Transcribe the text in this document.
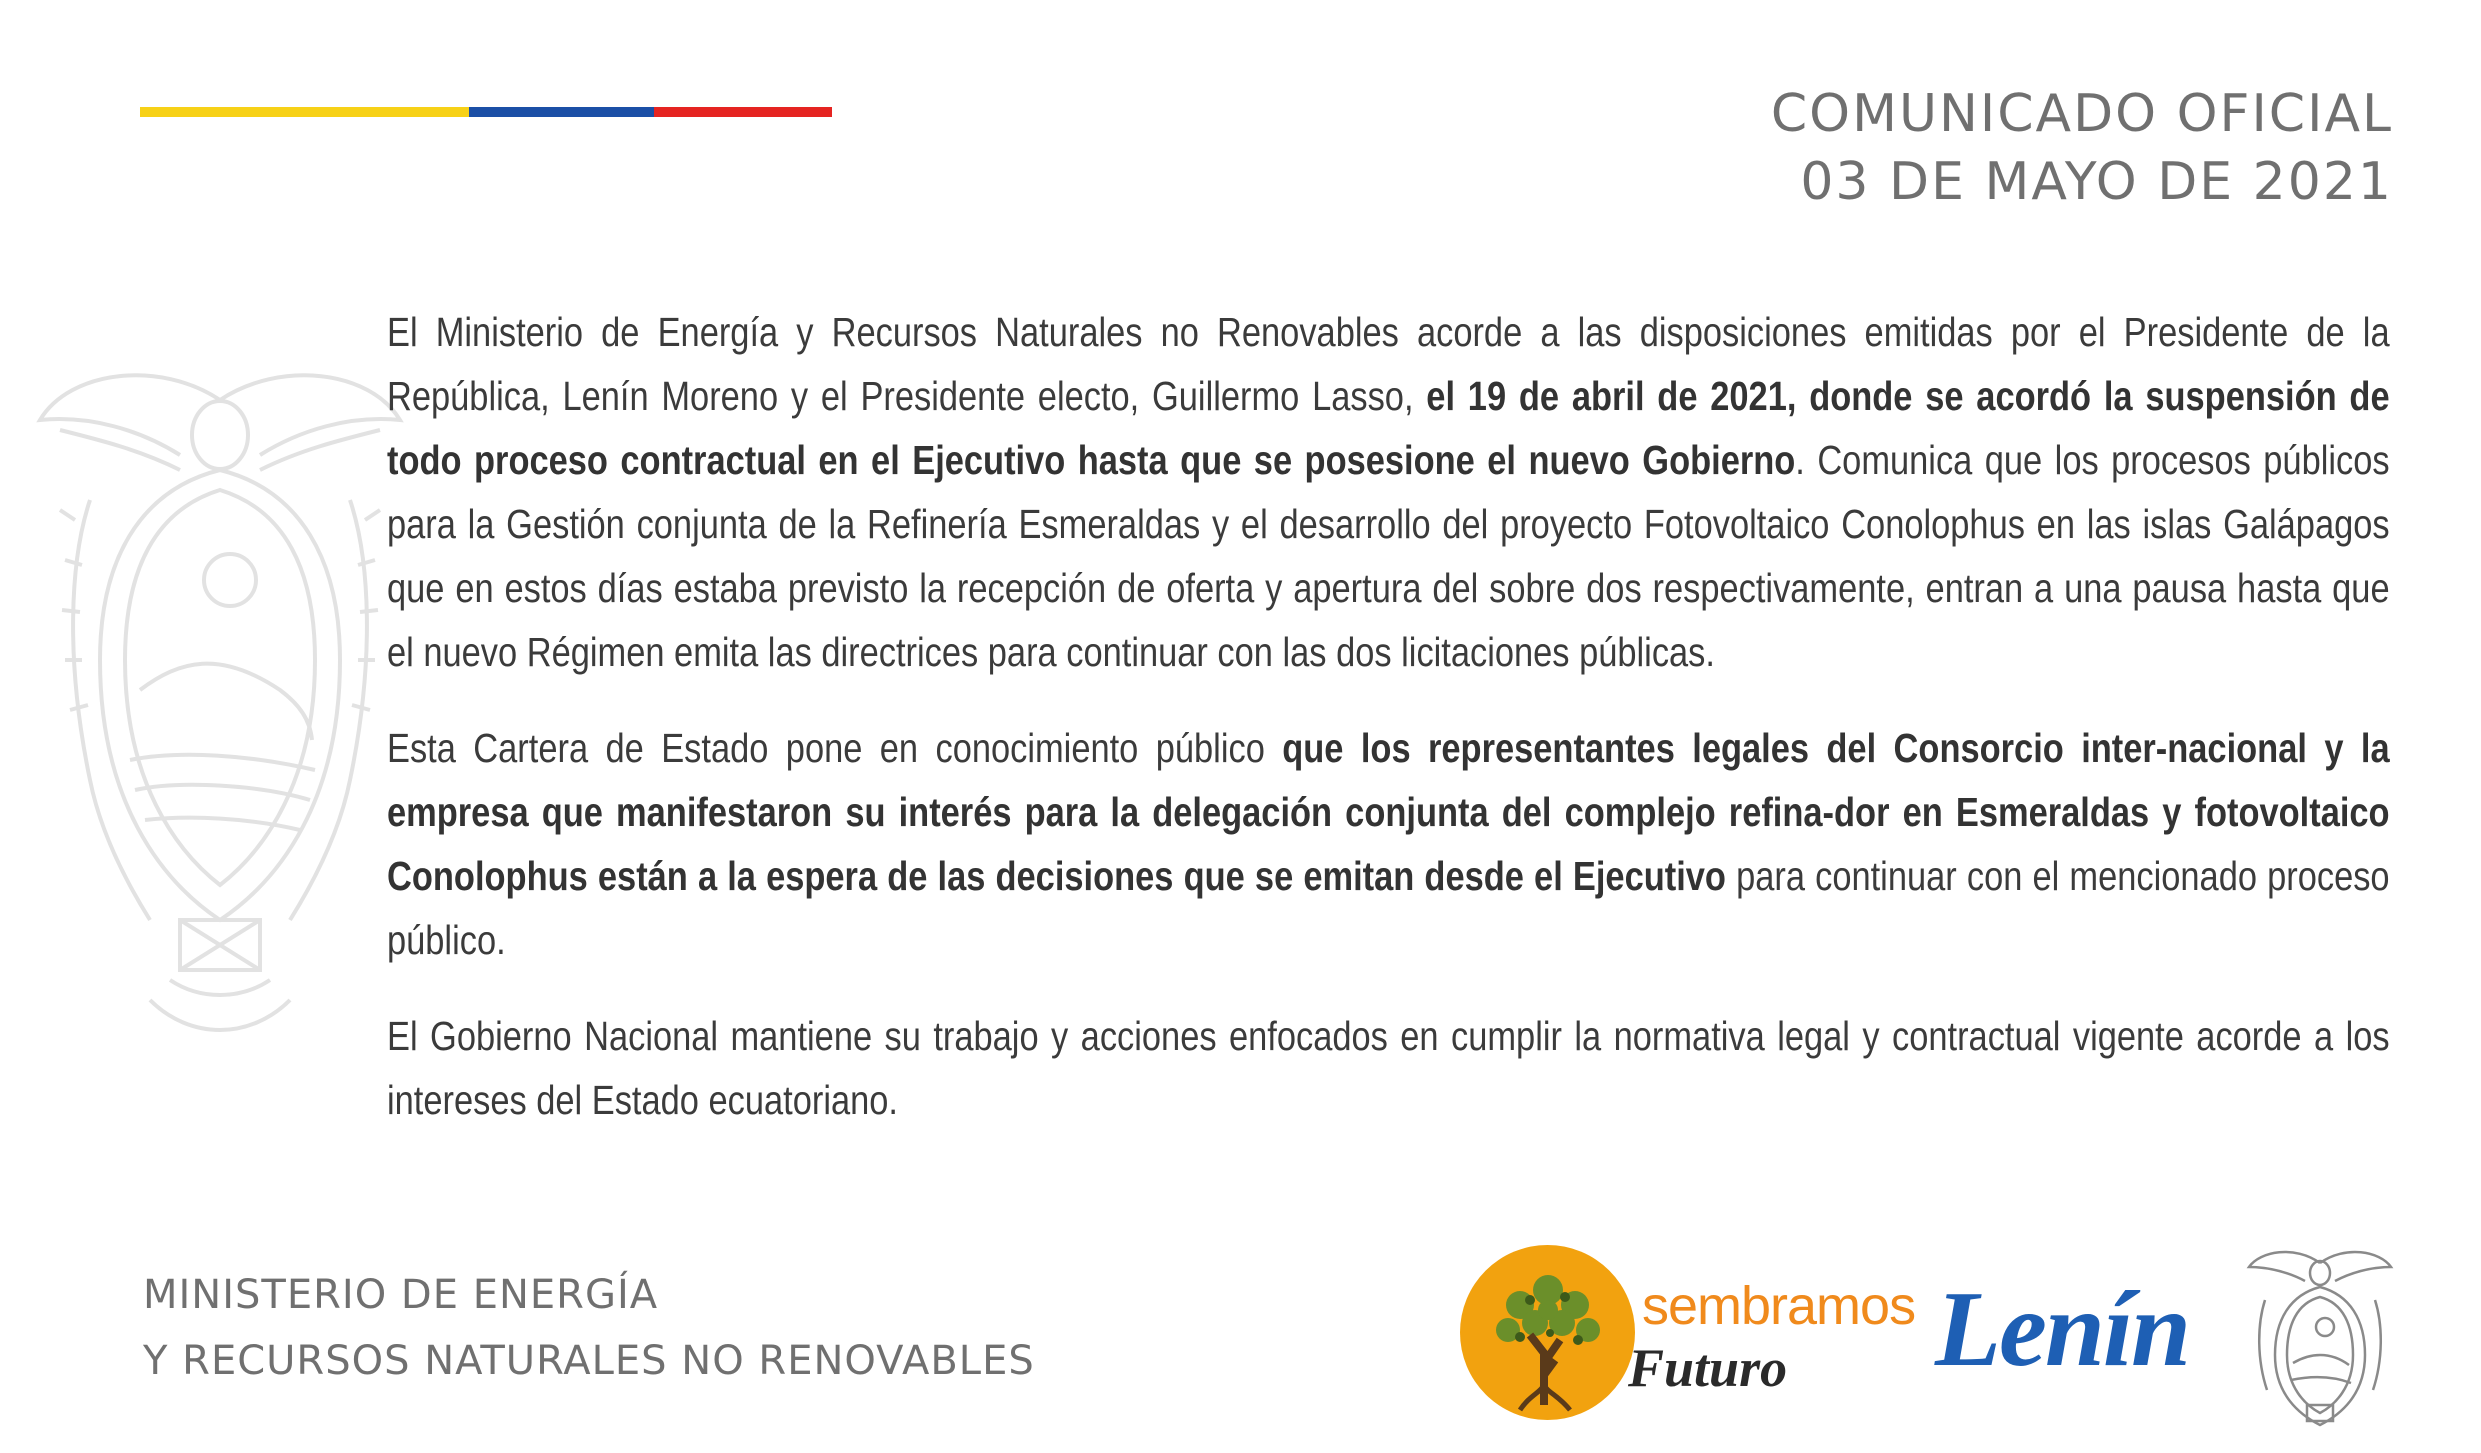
COMUNICADO OFICIAL
03 DE MAYO DE 2021

El Ministerio de Energía y Recursos Naturales no Renovables acorde a las disposiciones emitidas por el Presidente de la República, Lenín Moreno y el Presidente electo, Guillermo Lasso, el 19 de abril de 2021, donde se acordó la suspensión de todo proceso contractual en el Ejecutivo hasta que se posesione el nuevo Gobierno. Comunica que los procesos públicos para la Gestión conjunta de la Refinería Esmeraldas y el desarrollo del proyecto Fotovoltaico Conolophus en las islas Galápagos que en estos días estaba previsto la recepción de oferta y apertura del sobre dos respectivamente, entran a una pausa hasta que el nuevo Régimen emita las directrices para continuar con las dos licitaciones públicas.

Esta Cartera de Estado pone en conocimiento público que los representantes legales del Consorcio inter-nacional y la empresa que manifestaron su interés para la delegación conjunta del complejo refina-dor en Esmeraldas y fotovoltaico Conolophus están a la espera de las decisiones que se emitan desde el Ejecutivo para continuar con el mencionado proceso público.

El Gobierno Nacional mantiene su trabajo y acciones enfocados en cumplir la normativa legal y contractual vigente acorde a los intereses del Estado ecuatoriano.

MINISTERIO DE ENERGÍA
Y RECURSOS NATURALES NO RENOVABLES
sembramos
Futuro Lenín
